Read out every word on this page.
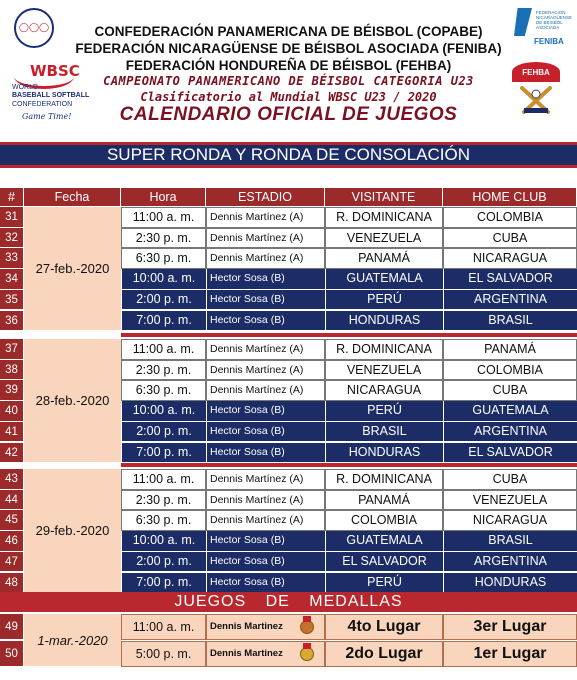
◯◯◯
WBSC
WORLD
BASEBALL SOFTBALL
CONFEDERATION
Game Time!
FEDERACION NICARAGÜENSE DE BEISBOL ASOCIADA
FENIBA
FEHBA
CONFEDERACIÓN PANAMERICANA DE BÉISBOL (COPABE)
FEDERACIÓN NICARAGÜENSE DE BÉISBOL ASOCIADA (FENIBA)
FEDERACIÓN HONDUREÑA DE BÉISBOL (FEHBA)
CAMPEONATO PANAMERICANO DE BÉISBOL CATEGORIA U23
Clasificatorio al Mundial WBSC U23 / 2020
CALENDARIO OFICIAL DE JUEGOS
SUPER RONDA Y RONDA DE CONSOLACIÓN
#	Fecha	Hora	ESTADIO	VISITANTE	HOME CLUB
27-feb.-2020
31	11:00 a. m.	Dennis Martínez (A)	R. DOMINICANA	COLOMBIA
32	2:30 p. m.	Dennis Martínez (A)	VENEZUELA	CUBA
33	6:30 p. m.	Dennis Martínez (A)	PANAMÁ	NICARAGUA
34	10:00 a. m.	Hector Sosa (B)	GUATEMALA	EL SALVADOR
35	2:00 p. m.	Hector Sosa (B)	PERÚ	ARGENTINA
36	7:00 p. m.	Hector Sosa (B)	HONDURAS	BRASIL
28-feb.-2020
37	11:00 a. m.	Dennis Martínez (A)	R. DOMINICANA	PANAMÁ
38	2:30 p. m.	Dennis Martínez (A)	VENEZUELA	COLOMBIA
39	6:30 p. m.	Dennis Martínez (A)	NICARAGUA	CUBA
40	10:00 a. m.	Hector Sosa (B)	PERÚ	GUATEMALA
41	2:00 p. m.	Hector Sosa (B)	BRASIL	ARGENTINA
42	7:00 p. m.	Hector Sosa (B)	HONDURAS	EL SALVADOR
29-feb.-2020
43	11:00 a. m.	Dennis Martínez (A)	R. DOMINICANA	CUBA
44	2:30 p. m.	Dennis Martínez (A)	PANAMÁ	VENEZUELA
45	6:30 p. m.	Dennis Martínez (A)	COLOMBIA	NICARAGUA
46	10:00 a. m.	Hector Sosa (B)	GUATEMALA	BRASIL
47	2:00 p. m.	Hector Sosa (B)	EL SALVADOR	ARGENTINA
48	7:00 p. m.	Hector Sosa (B)	PERÚ	HONDURAS
JUEGOS DE MEDALLAS
1-mar.-2020
49	11:00 a. m.	Dennis Martinez	4to Lugar	3er Lugar
50	5:00 p. m.	Dennis Martinez	2do Lugar	1er Lugar
